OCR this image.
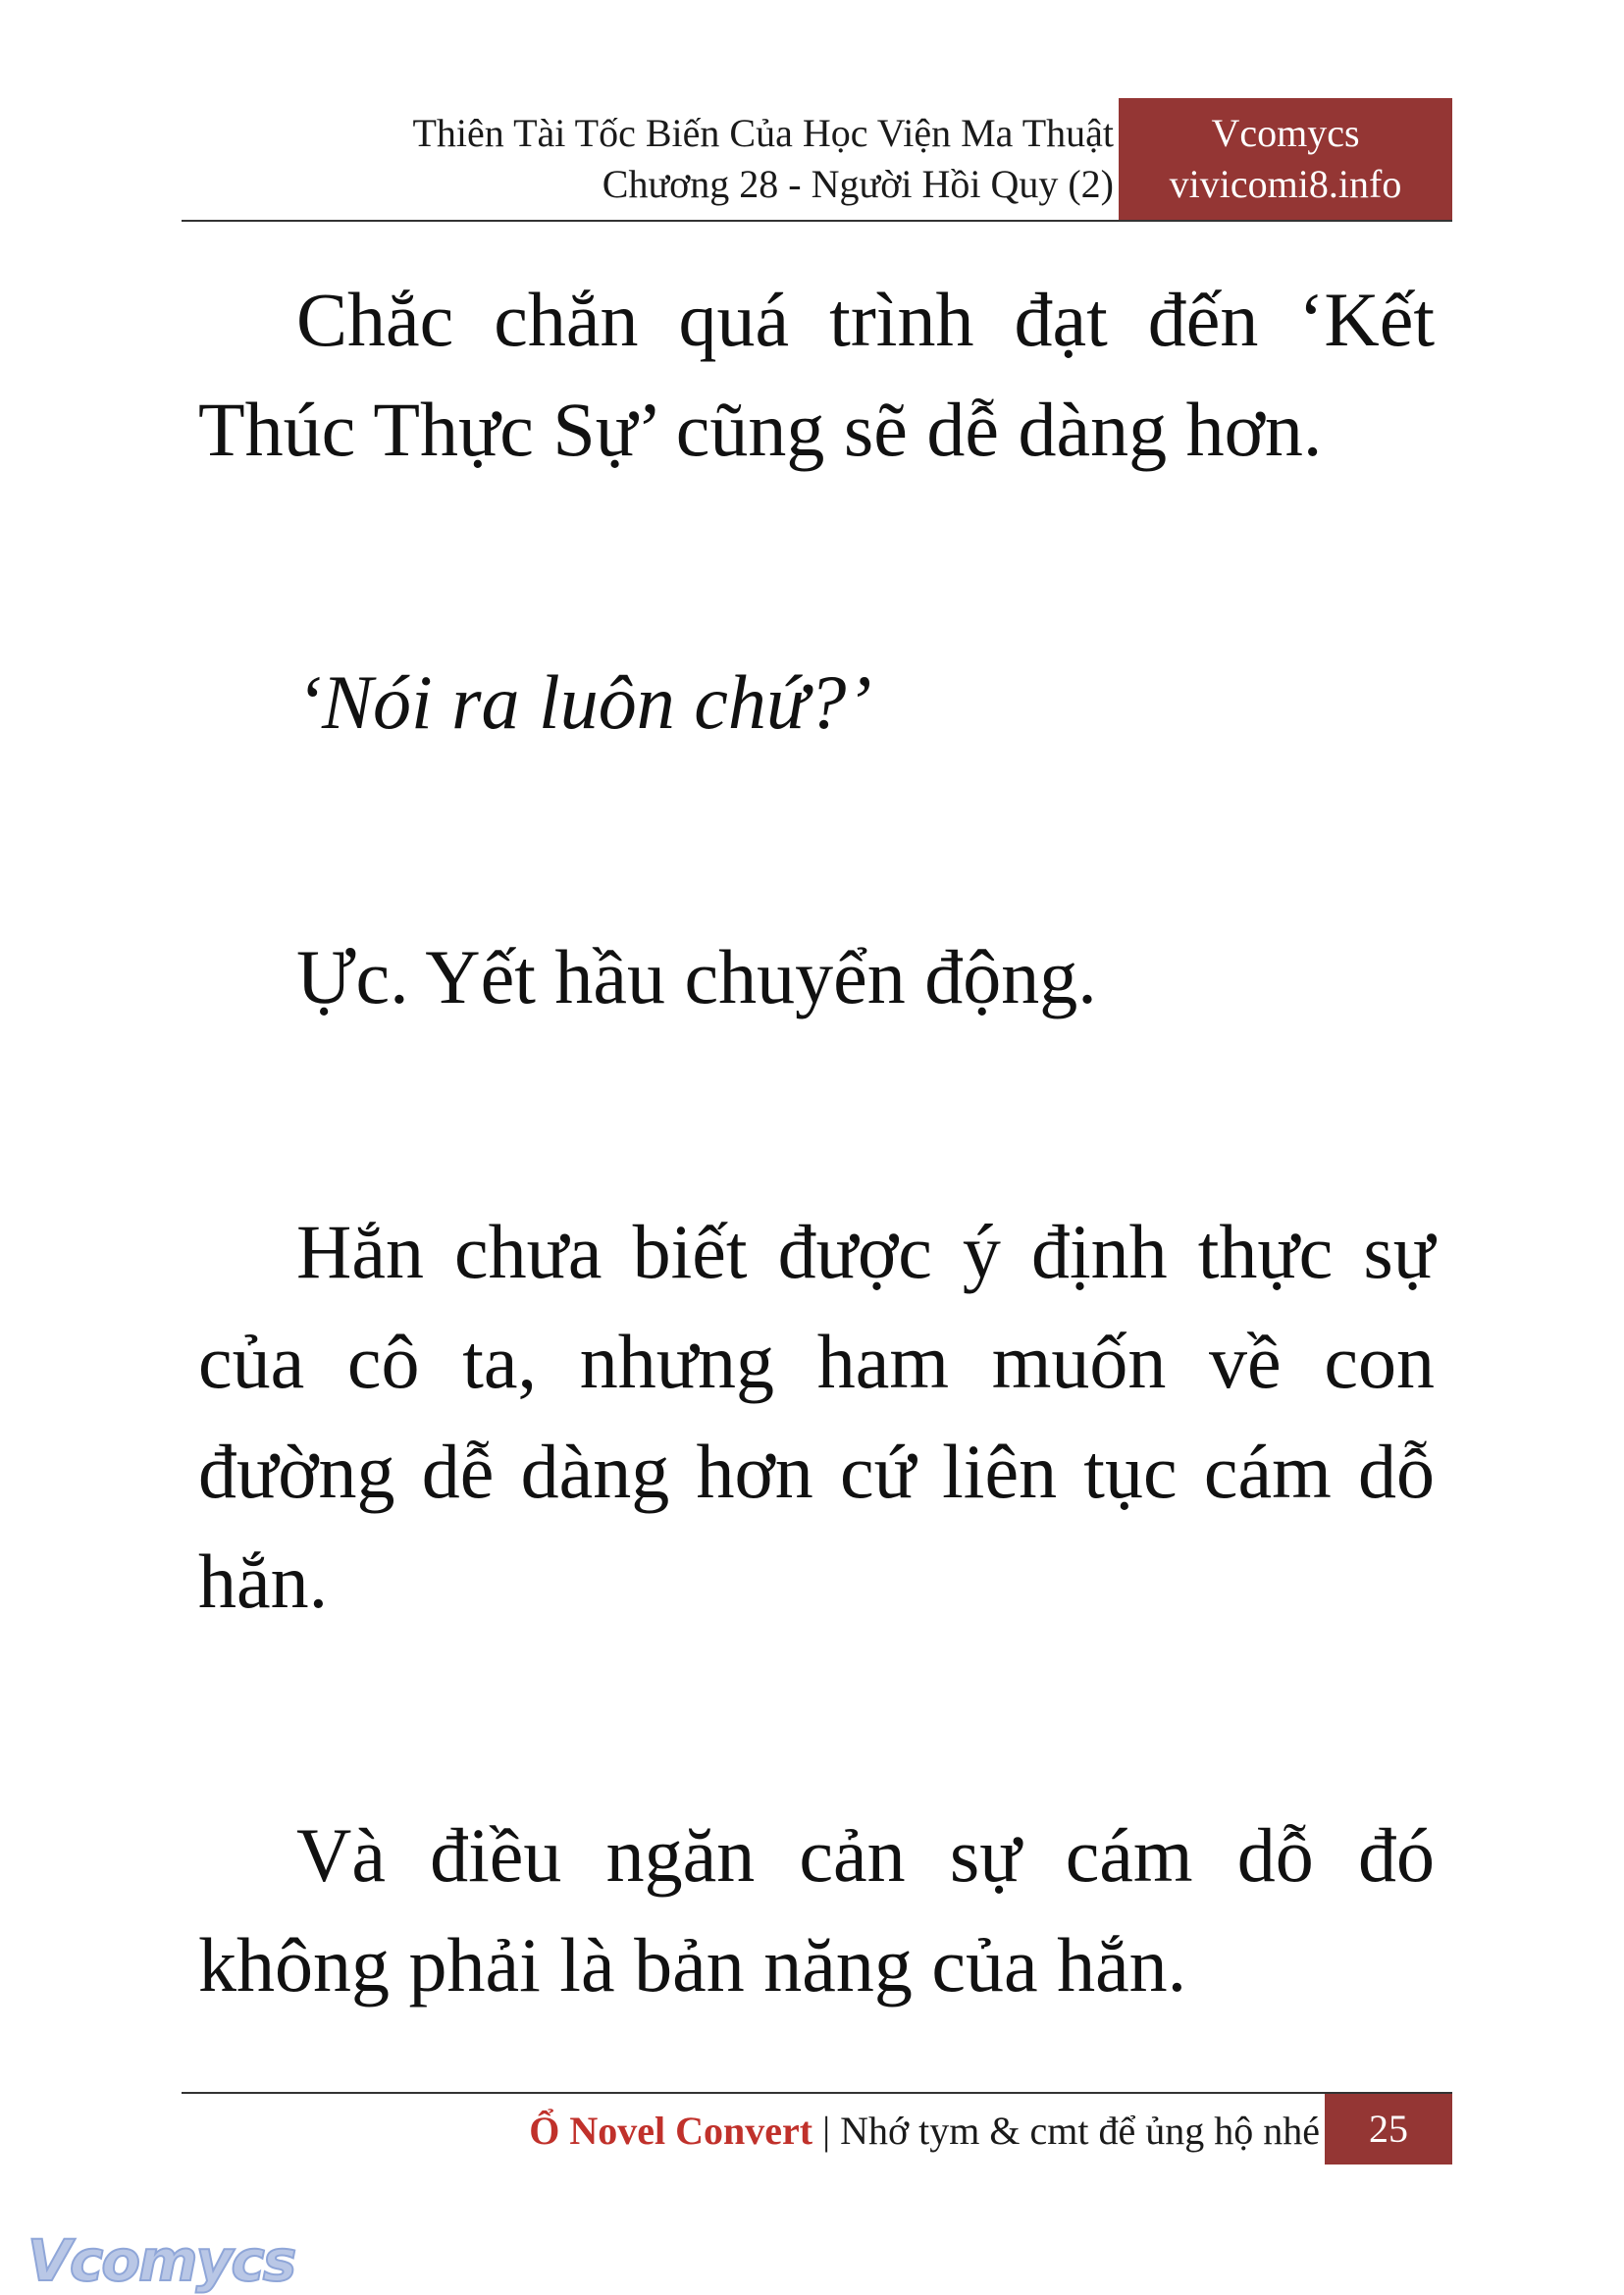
Thiên Tài Tốc Biến Của Học Viện Ma Thuật
Chương 28 - Người Hồi Quy (2)
Vcomycs
vivicomi8.info

Chắc chắn quá trình đạt đến ‘Kết Thúc Thực Sự’ cũng sẽ dễ dàng hơn.

‘Nói ra luôn chứ?’

Ực. Yết hầu chuyển động.

Hắn chưa biết được ý định thực sự của cô ta, nhưng ham muốn về con đường dễ dàng hơn cứ liên tục cám dỗ hắn.

Và điều ngăn cản sự cám dỗ đó không phải là bản năng của hắn.

Ổ Novel Convert | Nhớ tym & cmt để ủng hộ nhé	25
Vcomycs
